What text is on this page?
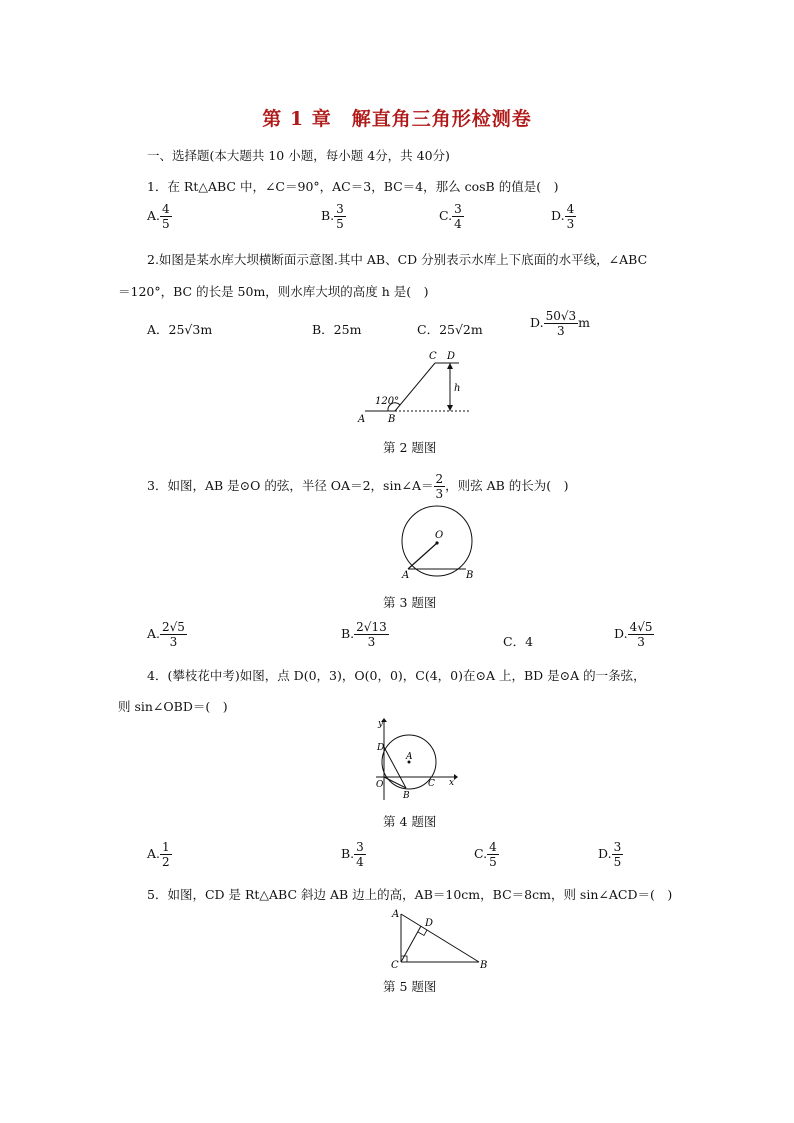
第 1 章　解直角三角形检测卷
一、选择题(本大题共 10 小题，每小题 4分，共 40分)
1．在 Rt△ABC 中，∠C＝90°，AC＝3，BC＝4，那么 cosB 的值是(　)
A. $\frac{4}{5}$	B. $\frac{3}{5}$	C. $\frac{3}{4}$	D. $\frac{4}{3}$
2.如图是某水库大坝横断面示意图.其中 AB、CD 分别表示水库上下底面的水平线，∠ABC
＝120°，BC 的长是 50m，则水库大坝的高度 h 是(　)
A．25√3m	B．25m	C．25√2m	D. $\frac{50√3}{3}$ m
C D
h
120°
A B
第 2 题图
3．如图，AB 是⊙O 的弦，半径 OA＝2，sin∠A＝ $\frac{2}{3}$ ，则弦 AB 的长为(　)
O
A	B
第 3 题图
A. $\frac{2√5}{3}$	B. $\frac{2√13}{3}$	C．4
D. $\frac{4√5}{3}$
4．(攀枝花中考)如图，点 D(0，3)，O(0，0)，C(4，0)在⊙A 上，BD 是⊙A 的一条弦，
则 sin∠OBD＝(　)
y
x
D
A
O
B
C
第 4 题图
A. $\frac{1}{2}$	B. $\frac{3}{4}$	C. $\frac{4}{5}$	D. $\frac{3}{5}$
5．如图，CD 是 Rt△ABC 斜边 AB 边上的高，AB＝10cm，BC＝8cm，则 sin∠ACD＝(　)
A
D
C	B
第 5 题图
